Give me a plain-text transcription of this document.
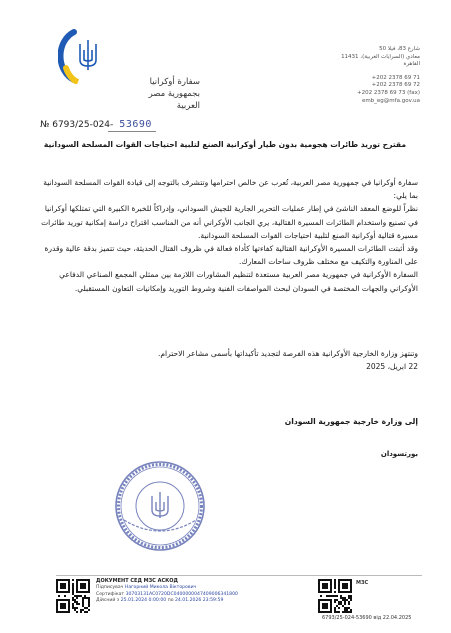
سفارة أوكرانيا
بجمهورية مصر العربية
شارع 83، فيلا 50
معادي (السرايات الغربية)، 11431
القاهرة
+202 2378 69 71
+202 2378 69 72
+202 2378 69 73 (fax)
emb_eg@mfa.gov.ua
№ 6793/25-024- 53690
مقترح توريد طائرات هجومية بدون طيار أوكرانية الصنع لتلبية احتياجات القوات المسلحة السودانية

سفارة أوكرانيا في جمهورية مصر العربية، تُعرب عن خالص احترامها وتتشرف بالتوجه إلى قيادة القوات المسلحة السودانية بما يلي:

نظراً للوضع المعقد الناشئ في إطار عمليات التحرير الجارية للجيش السوداني، وإدراكاً للخبرة الكبيرة التي تمتلكها أوكرانيا في تصنيع واستخدام الطائرات المسيرة القتالية، يري الجانب الأوكراني أنه من المناسب اقتراح دراسة إمكانية توريد طائرات مسيرة قتالية أوكرانية الصنع لتلبية احتياجات القوات المسلحة السودانية.

وقد أثبتت الطائرات المسيرة الأوكرانية القتالية كفاءتها كأداة فعالة في ظروف القتال الحديثة، حيث تتميز بدقة عالية وقدرة على المناورة والتكيف مع مختلف ظروف ساحات المعارك.

السفارة الأوكرانية في جمهورية مصر العربية مستعدة لتنظيم المشاورات اللازمة بين ممثلي المجمع الصناعي الدفاعي الأوكراني والجهات المختصة في السودان لبحث المواصفات الفنية وشروط التوريد وإمكانيات التعاون المستقبلي.

وتنتهز وزارة الخارجية الأوكرانية هذه الفرصة لتجديد تأكيداتها بأسمى مشاعر الاحترام.

22 ابريل، 2025

إلى وزارة خارجية جمهورية السودان
بورتسودان
ДОКУМЕНТ СЕД МЗС АСКОД
Підписувач Нагорний Микола Вікторович
Сертифікат 30703131AC0720DC0400000047409006341800
Дійсний з 25.01.2024 0:00:00 по 24.01.2026 23:59:59
МЗС
6793/25-024-53690 від 22.04.2025
